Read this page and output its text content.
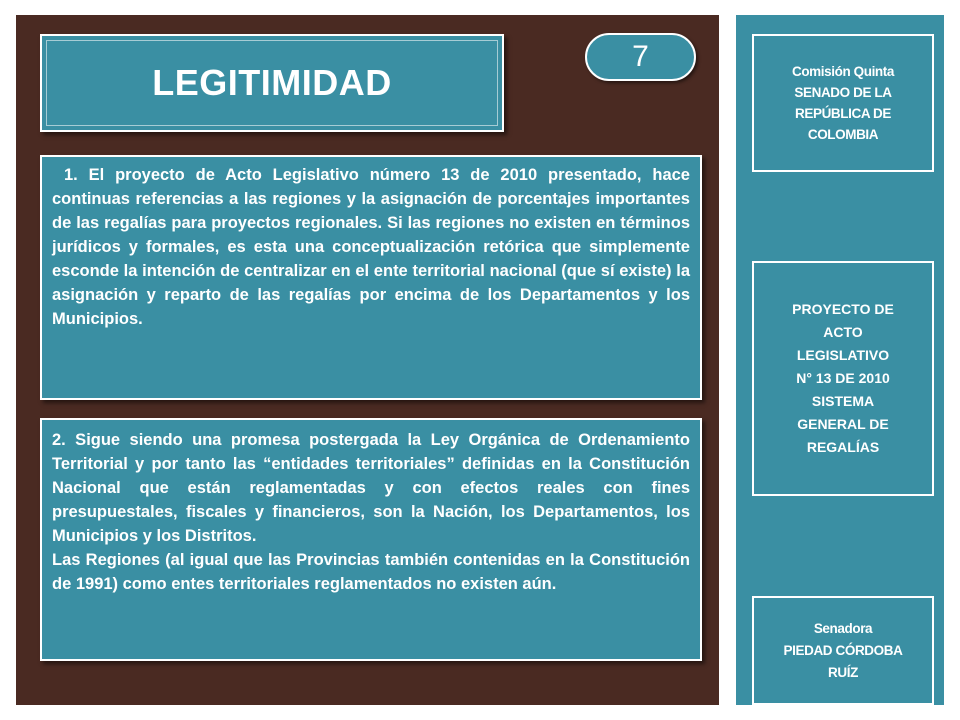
LEGITIMIDAD
7

1. El proyecto de Acto Legislativo número 13 de 2010 presentado, hace continuas referencias a las regiones y la asignación de porcentajes importantes de las regalías para proyectos regionales. Si las regiones no existen en términos jurídicos y formales, es esta una conceptualización retórica que simplemente esconde la intención de centralizar en el ente territorial nacional (que sí existe) la asignación y reparto de las regalías por encima de los Departamentos y los Municipios.

2. Sigue siendo una promesa postergada la Ley Orgánica de Ordenamiento Territorial y por tanto las “entidades territoriales” definidas en la Constitución Nacional que están reglamentadas y con efectos reales con fines presupuestales, fiscales y financieros, son la Nación, los Departamentos, los Municipios y los Distritos.

Las Regiones (al igual que las Provincias también contenidas en la Constitución de 1991) como entes territoriales reglamentados no existen aún.

Comisión Quinta
SENADO DE LA
REPÚBLICA DE
COLOMBIA
PROYECTO DE
ACTO
LEGISLATIVO
N° 13 DE 2010
SISTEMA
GENERAL DE
REGALÍAS
Senadora
PIEDAD CÓRDOBA
RUÍZ
